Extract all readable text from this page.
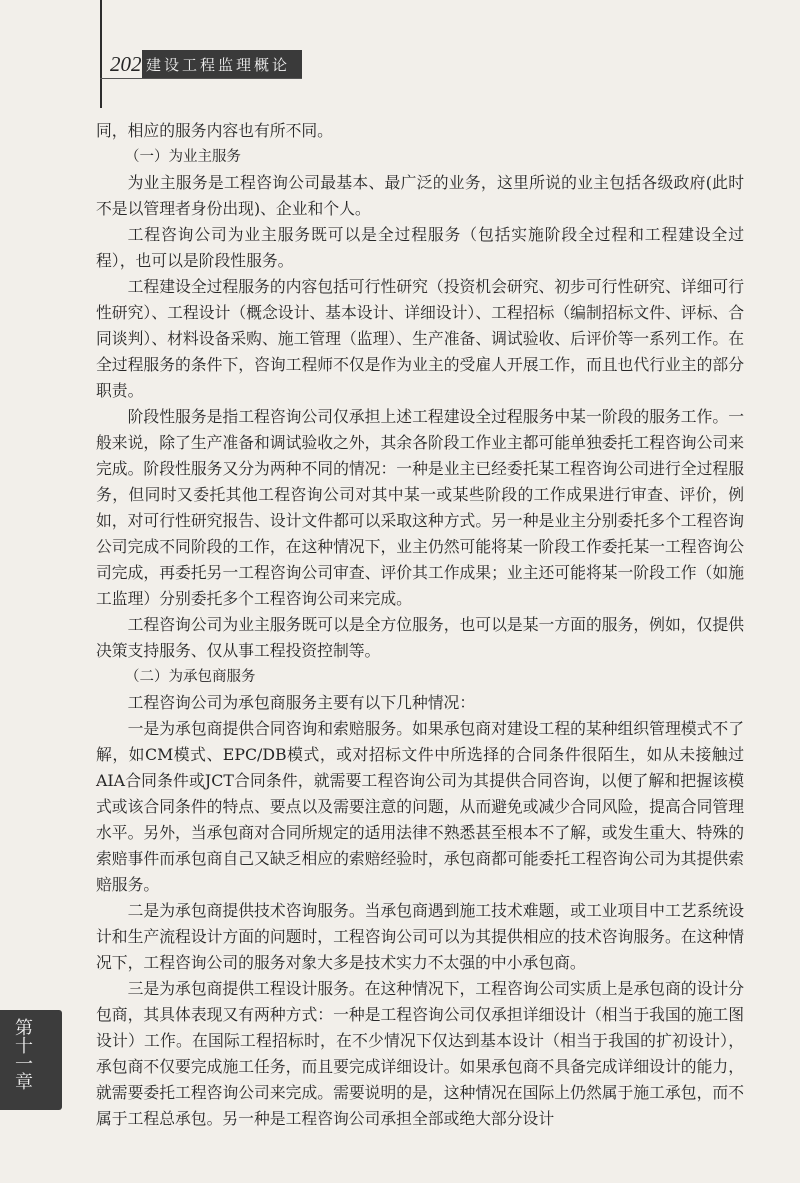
202 建设工程监理概论

同，相应的服务内容也有所不同。

（一）为业主服务

为业主服务是工程咨询公司最基本、最广泛的业务，这里所说的业主包括各级政府(此时不是以管理者身份出现)、企业和个人。

工程咨询公司为业主服务既可以是全过程服务（包括实施阶段全过程和工程建设全过程），也可以是阶段性服务。

工程建设全过程服务的内容包括可行性研究（投资机会研究、初步可行性研究、详细可行性研究）、工程设计（概念设计、基本设计、详细设计）、工程招标（编制招标文件、评标、合同谈判）、材料设备采购、施工管理（监理）、生产准备、调试验收、后评价等一系列工作。在全过程服务的条件下，咨询工程师不仅是作为业主的受雇人开展工作，而且也代行业主的部分职责。

阶段性服务是指工程咨询公司仅承担上述工程建设全过程服务中某一阶段的服务工作。一般来说，除了生产准备和调试验收之外，其余各阶段工作业主都可能单独委托工程咨询公司来完成。阶段性服务又分为两种不同的情况：一种是业主已经委托某工程咨询公司进行全过程服务，但同时又委托其他工程咨询公司对其中某一或某些阶段的工作成果进行审查、评价，例如，对可行性研究报告、设计文件都可以采取这种方式。另一种是业主分别委托多个工程咨询公司完成不同阶段的工作，在这种情况下，业主仍然可能将某一阶段工作委托某一工程咨询公司完成，再委托另一工程咨询公司审查、评价其工作成果；业主还可能将某一阶段工作（如施工监理）分别委托多个工程咨询公司来完成。

工程咨询公司为业主服务既可以是全方位服务，也可以是某一方面的服务，例如，仅提供决策支持服务、仅从事工程投资控制等。

（二）为承包商服务

工程咨询公司为承包商服务主要有以下几种情况：

一是为承包商提供合同咨询和索赔服务。如果承包商对建设工程的某种组织管理模式不了解，如CM模式、EPC/DB模式，或对招标文件中所选择的合同条件很陌生，如从未接触过AIA合同条件或JCT合同条件，就需要工程咨询公司为其提供合同咨询，以便了解和把握该模式或该合同条件的特点、要点以及需要注意的问题，从而避免或减少合同风险，提高合同管理水平。另外，当承包商对合同所规定的适用法律不熟悉甚至根本不了解，或发生重大、特殊的索赔事件而承包商自己又缺乏相应的索赔经验时，承包商都可能委托工程咨询公司为其提供索赔服务。

二是为承包商提供技术咨询服务。当承包商遇到施工技术难题，或工业项目中工艺系统设计和生产流程设计方面的问题时，工程咨询公司可以为其提供相应的技术咨询服务。在这种情况下，工程咨询公司的服务对象大多是技术实力不太强的中小承包商。

三是为承包商提供工程设计服务。在这种情况下，工程咨询公司实质上是承包商的设计分包商，其具体表现又有两种方式：一种是工程咨询公司仅承担详细设计（相当于我国的施工图设计）工作。在国际工程招标时，在不少情况下仅达到基本设计（相当于我国的扩初设计），承包商不仅要完成施工任务，而且要完成详细设计。如果承包商不具备完成详细设计的能力，就需要委托工程咨询公司来完成。需要说明的是，这种情况在国际上仍然属于施工承包，而不属于工程总承包。另一种是工程咨询公司承担全部或绝大部分设计

第十一章
